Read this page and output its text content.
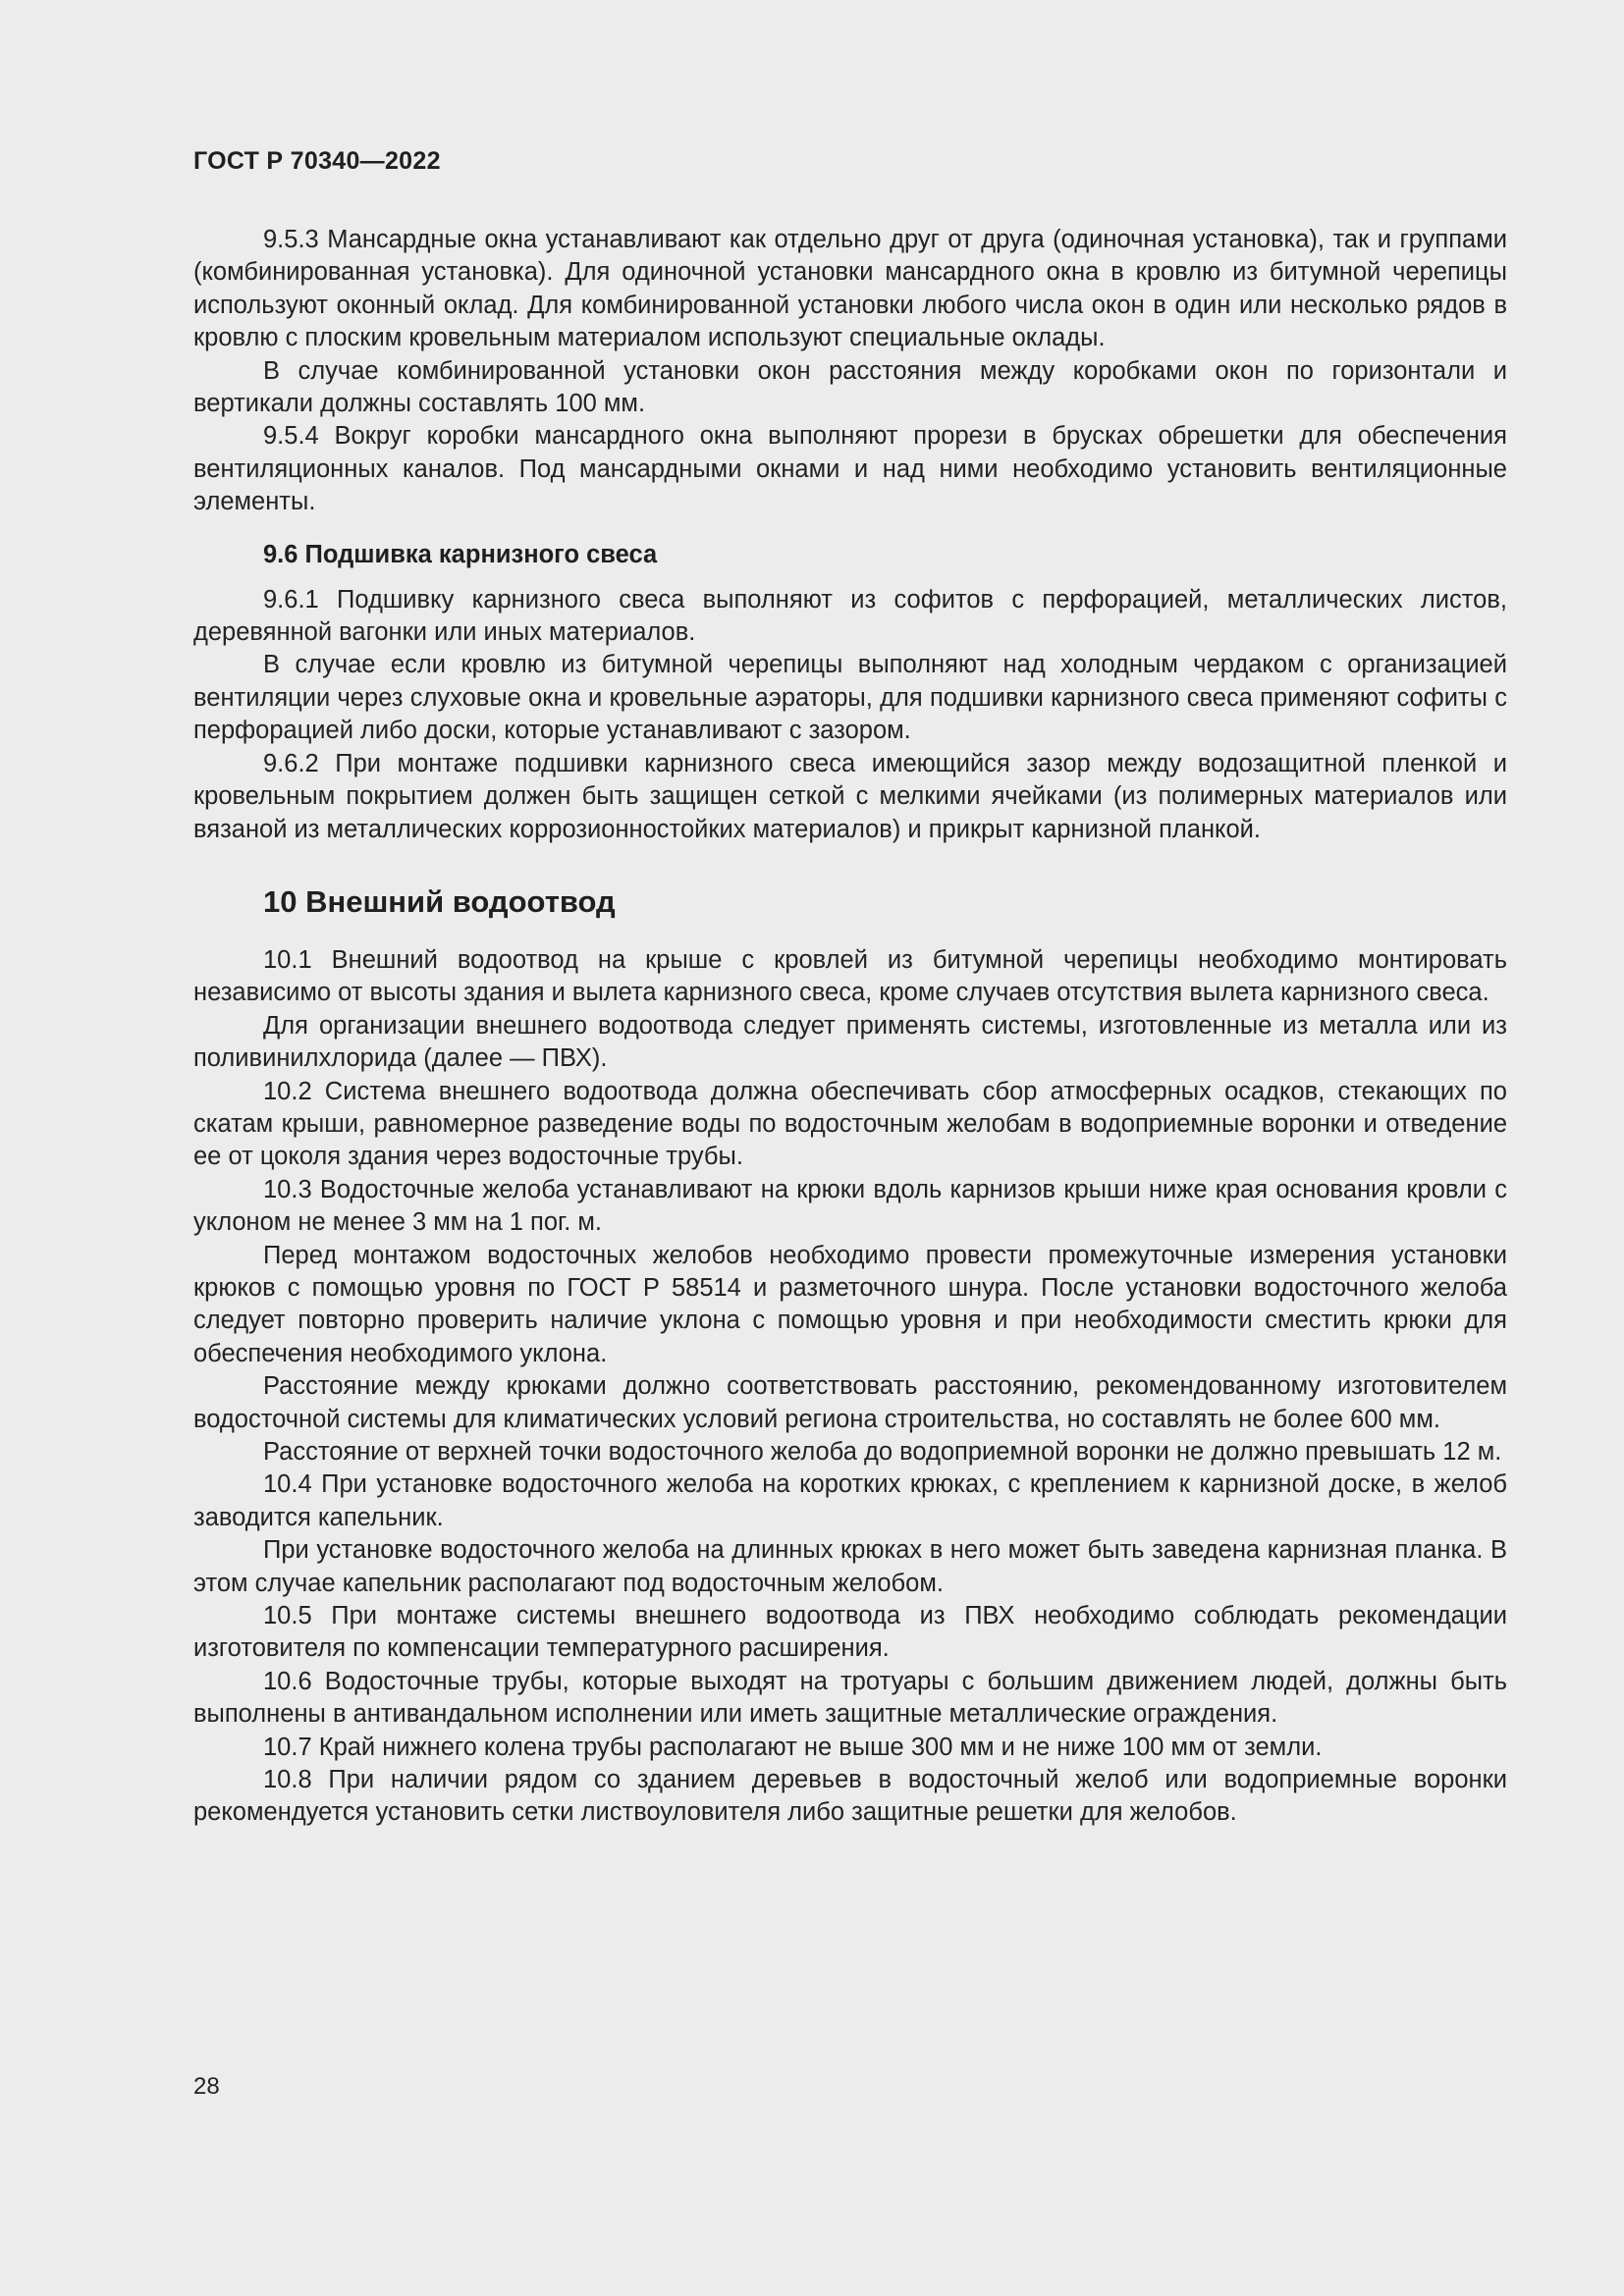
ГОСТ Р 70340—2022

9.5.3 Мансардные окна устанавливают как отдельно друг от друга (одиночная установка), так и группами (комбинированная установка). Для одиночной установки мансардного окна в кровлю из битумной черепицы используют оконный оклад. Для комбинированной установки любого числа окон в один или несколько рядов в кровлю с плоским кровельным материалом используют специальные оклады.

В случае комбинированной установки окон расстояния между коробками окон по горизонтали и вертикали должны составлять 100 мм.

9.5.4 Вокруг коробки мансардного окна выполняют прорези в брусках обрешетки для обеспечения вентиляционных каналов. Под мансардными окнами и над ними необходимо установить вентиляционные элементы.

9.6 Подшивка карнизного свеса

9.6.1 Подшивку карнизного свеса выполняют из софитов с перфорацией, металлических листов, деревянной вагонки или иных материалов.

В случае если кровлю из битумной черепицы выполняют над холодным чердаком с организацией вентиляции через слуховые окна и кровельные аэраторы, для подшивки карнизного свеса применяют софиты с перфорацией либо доски, которые устанавливают с зазором.

9.6.2 При монтаже подшивки карнизного свеса имеющийся зазор между водозащитной пленкой и кровельным покрытием должен быть защищен сеткой с мелкими ячейками (из полимерных материалов или вязаной из металлических коррозионностойких материалов) и прикрыт карнизной планкой.

10 Внешний водоотвод

10.1 Внешний водоотвод на крыше с кровлей из битумной черепицы необходимо монтировать независимо от высоты здания и вылета карнизного свеса, кроме случаев отсутствия вылета карнизного свеса.

Для организации внешнего водоотвода следует применять системы, изготовленные из металла или из поливинилхлорида (далее — ПВХ).

10.2 Система внешнего водоотвода должна обеспечивать сбор атмосферных осадков, стекающих по скатам крыши, равномерное разведение воды по водосточным желобам в водоприемные воронки и отведение ее от цоколя здания через водосточные трубы.

10.3 Водосточные желоба устанавливают на крюки вдоль карнизов крыши ниже края основания кровли с уклоном не менее 3 мм на 1 пог. м.

Перед монтажом водосточных желобов необходимо провести промежуточные измерения установки крюков с помощью уровня по ГОСТ Р 58514 и разметочного шнура. После установки водосточного желоба следует повторно проверить наличие уклона с помощью уровня и при необходимости сместить крюки для обеспечения необходимого уклона.

Расстояние между крюками должно соответствовать расстоянию, рекомендованному изготовителем водосточной системы для климатических условий региона строительства, но составлять не более 600 мм.

Расстояние от верхней точки водосточного желоба до водоприемной воронки не должно превышать 12 м.

10.4 При установке водосточного желоба на коротких крюках, с креплением к карнизной доске, в желоб заводится капельник.

При установке водосточного желоба на длинных крюках в него может быть заведена карнизная планка. В этом случае капельник располагают под водосточным желобом.

10.5 При монтаже системы внешнего водоотвода из ПВХ необходимо соблюдать рекомендации изготовителя по компенсации температурного расширения.

10.6 Водосточные трубы, которые выходят на тротуары с большим движением людей, должны быть выполнены в антивандальном исполнении или иметь защитные металлические ограждения.

10.7 Край нижнего колена трубы располагают не выше 300 мм и не ниже 100 мм от земли.

10.8 При наличии рядом со зданием деревьев в водосточный желоб или водоприемные воронки рекомендуется установить сетки листвоуловителя либо защитные решетки для желобов.

28
